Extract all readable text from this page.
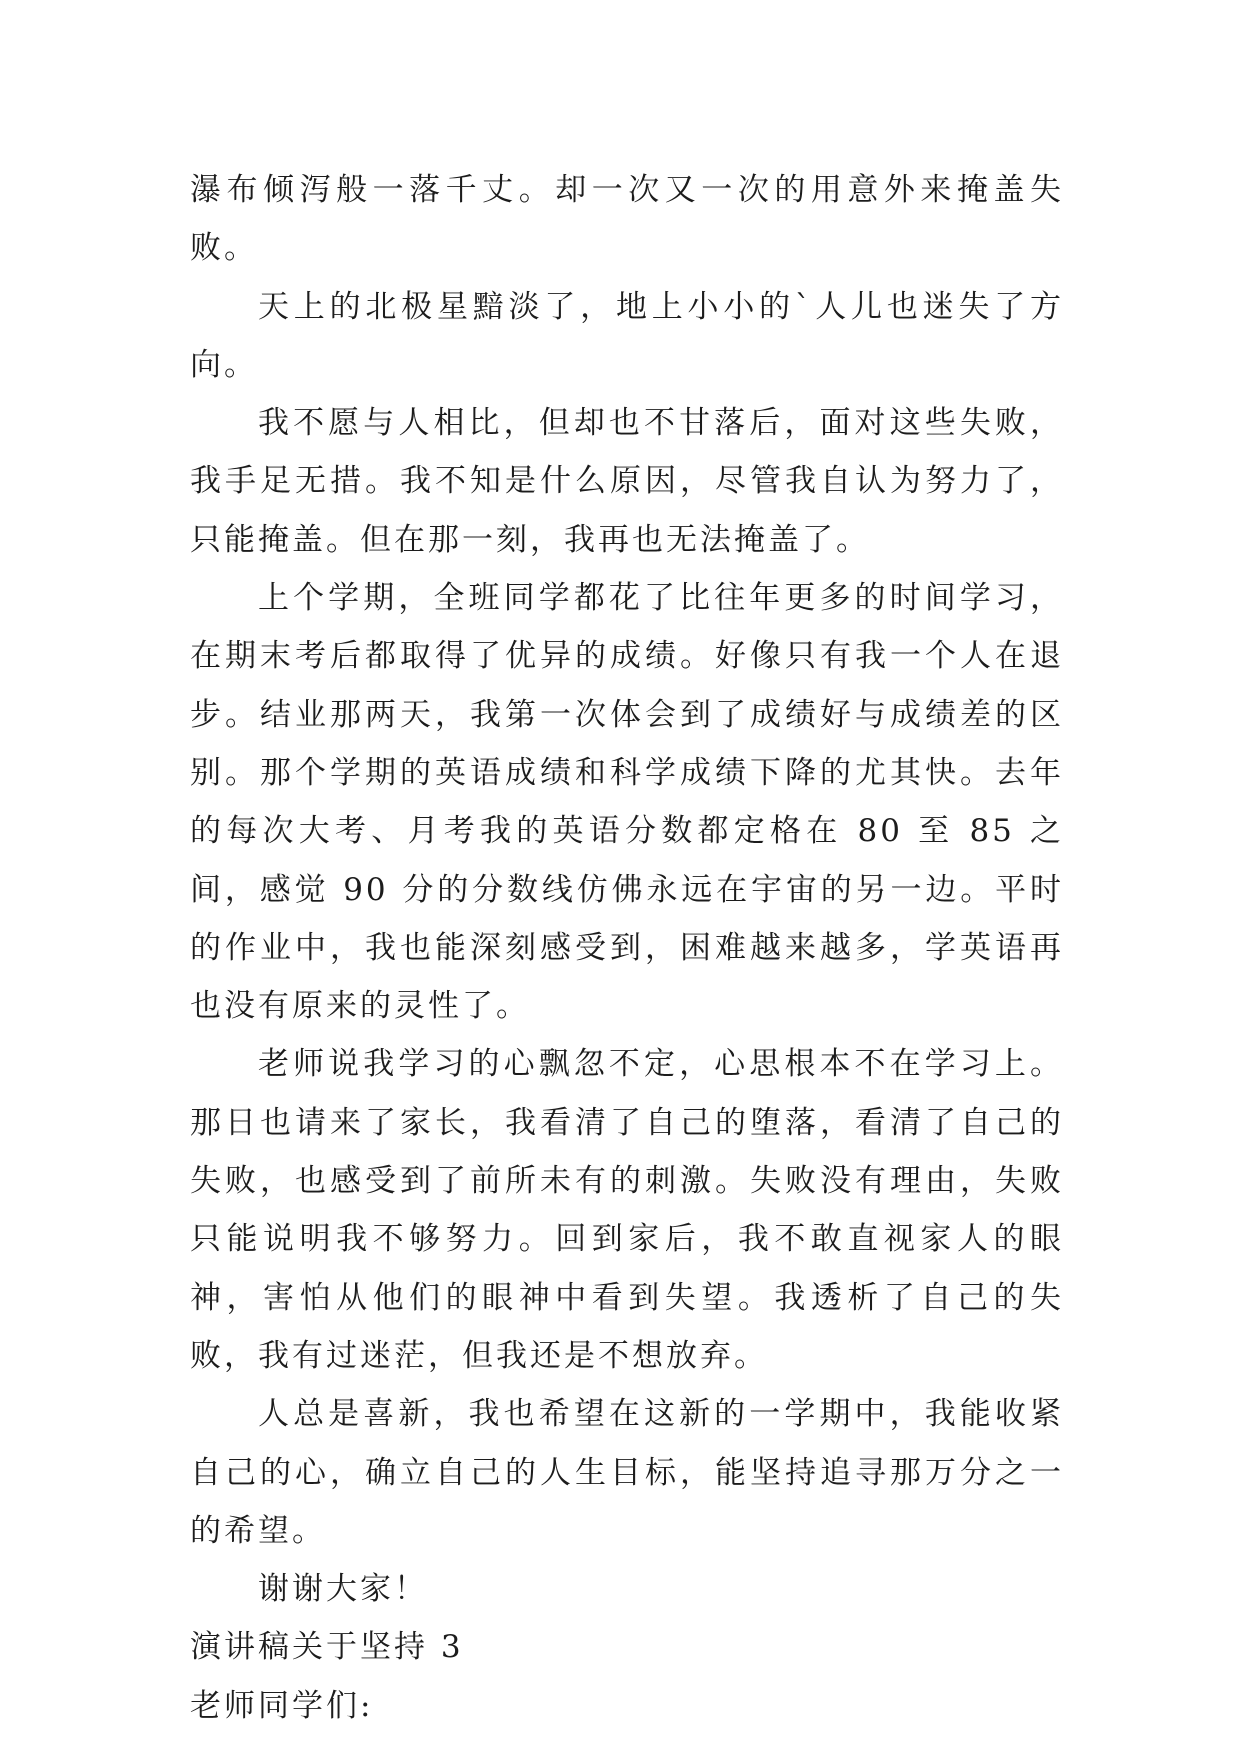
瀑布倾泻般一落千丈。却一次又一次的用意外来掩盖失败。

天上的北极星黯淡了，地上小小的`人儿也迷失了方向。

我不愿与人相比，但却也不甘落后，面对这些失败，我手足无措。我不知是什么原因，尽管我自认为努力了，只能掩盖。但在那一刻，我再也无法掩盖了。

上个学期，全班同学都花了比往年更多的时间学习，在期末考后都取得了优异的成绩。好像只有我一个人在退步。结业那两天，我第一次体会到了成绩好与成绩差的区别。那个学期的英语成绩和科学成绩下降的尤其快。去年的每次大考、月考我的英语分数都定格在 80 至 85 之间，感觉 90 分的分数线仿佛永远在宇宙的另一边。平时的作业中，我也能深刻感受到，困难越来越多，学英语再也没有原来的灵性了。

老师说我学习的心飘忽不定，心思根本不在学习上。那日也请来了家长，我看清了自己的堕落，看清了自己的失败，也感受到了前所未有的刺激。失败没有理由，失败只能说明我不够努力。回到家后，我不敢直视家人的眼神，害怕从他们的眼神中看到失望。我透析了自己的失败，我有过迷茫，但我还是不想放弃。

人总是喜新，我也希望在这新的一学期中，我能收紧自己的心，确立自己的人生目标，能坚持追寻那万分之一的希望。

谢谢大家！

演讲稿关于坚持 3

老师同学们:
